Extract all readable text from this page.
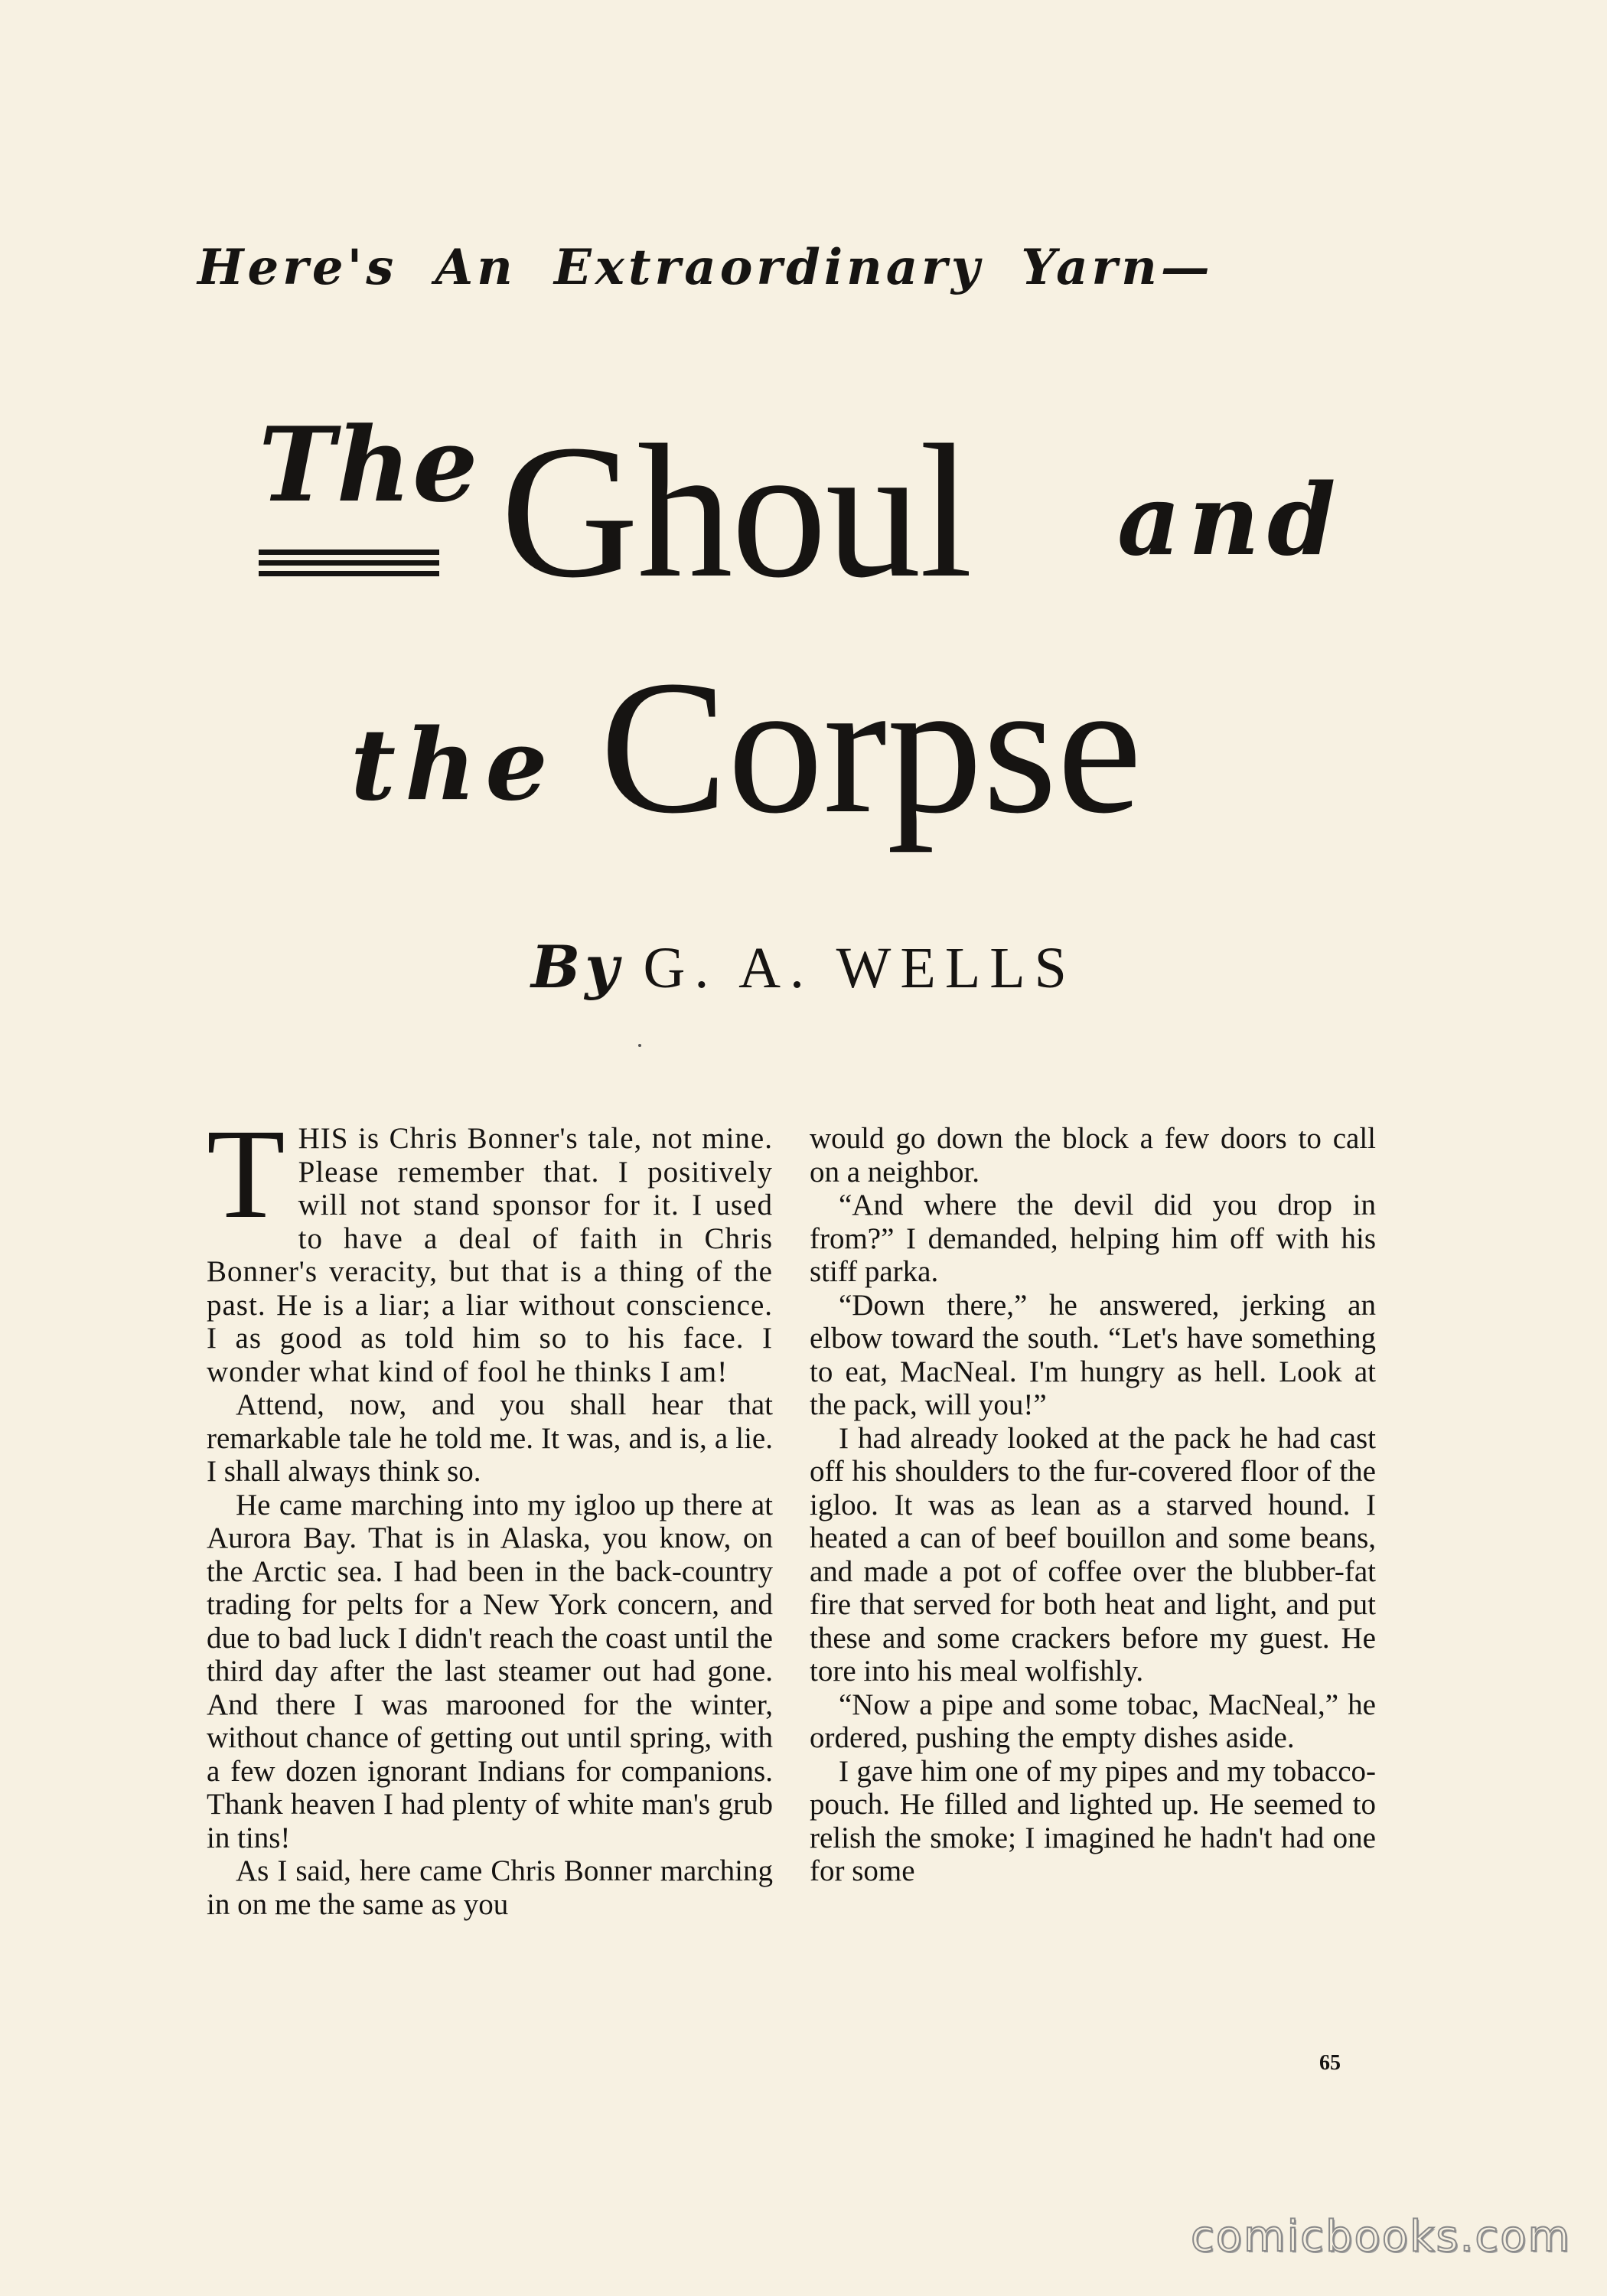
Here's An Extraordinary Yarn—
The Ghoul and
the Corpse
By G. A. WELLS

THIS is Chris Bonner's tale, not mine. Please remember that. I positively will not stand sponsor for it. I used to have a deal of faith in Chris Bonner's veracity, but that is a thing of the past. He is a liar; a liar without conscience. I as good as told him so to his face. I wonder what kind of fool he thinks I am!

Attend, now, and you shall hear that remarkable tale he told me. It was, and is, a lie. I shall always think so.

He came marching into my igloo up there at Aurora Bay. That is in Alaska, you know, on the Arctic sea. I had been in the back-country trading for pelts for a New York concern, and due to bad luck I didn't reach the coast until the third day after the last steamer out had gone. And there I was marooned for the winter, without chance of getting out until spring, with a few dozen ignorant Indians for companions. Thank heaven I had plenty of white man's grub in tins!

As I said, here came Chris Bonner marching in on me the same as you

would go down the block a few doors to call on a neighbor.

“And where the devil did you drop in from?” I demanded, helping him off with his stiff parka.

“Down there,” he answered, jerking an elbow toward the south. “Let's have something to eat, MacNeal. I'm hungry as hell. Look at the pack, will you!”

I had already looked at the pack he had cast off his shoulders to the fur-covered floor of the igloo. It was as lean as a starved hound. I heated a can of beef bouillon and some beans, and made a pot of coffee over the blubber-fat fire that served for both heat and light, and put these and some crackers before my guest. He tore into his meal wolfishly.

“Now a pipe and some tobac, MacNeal,” he ordered, pushing the empty dishes aside.

I gave him one of my pipes and my tobacco-pouch. He filled and lighted up. He seemed to relish the smoke; I imagined he hadn't had one for some

65
comicbooks.com
